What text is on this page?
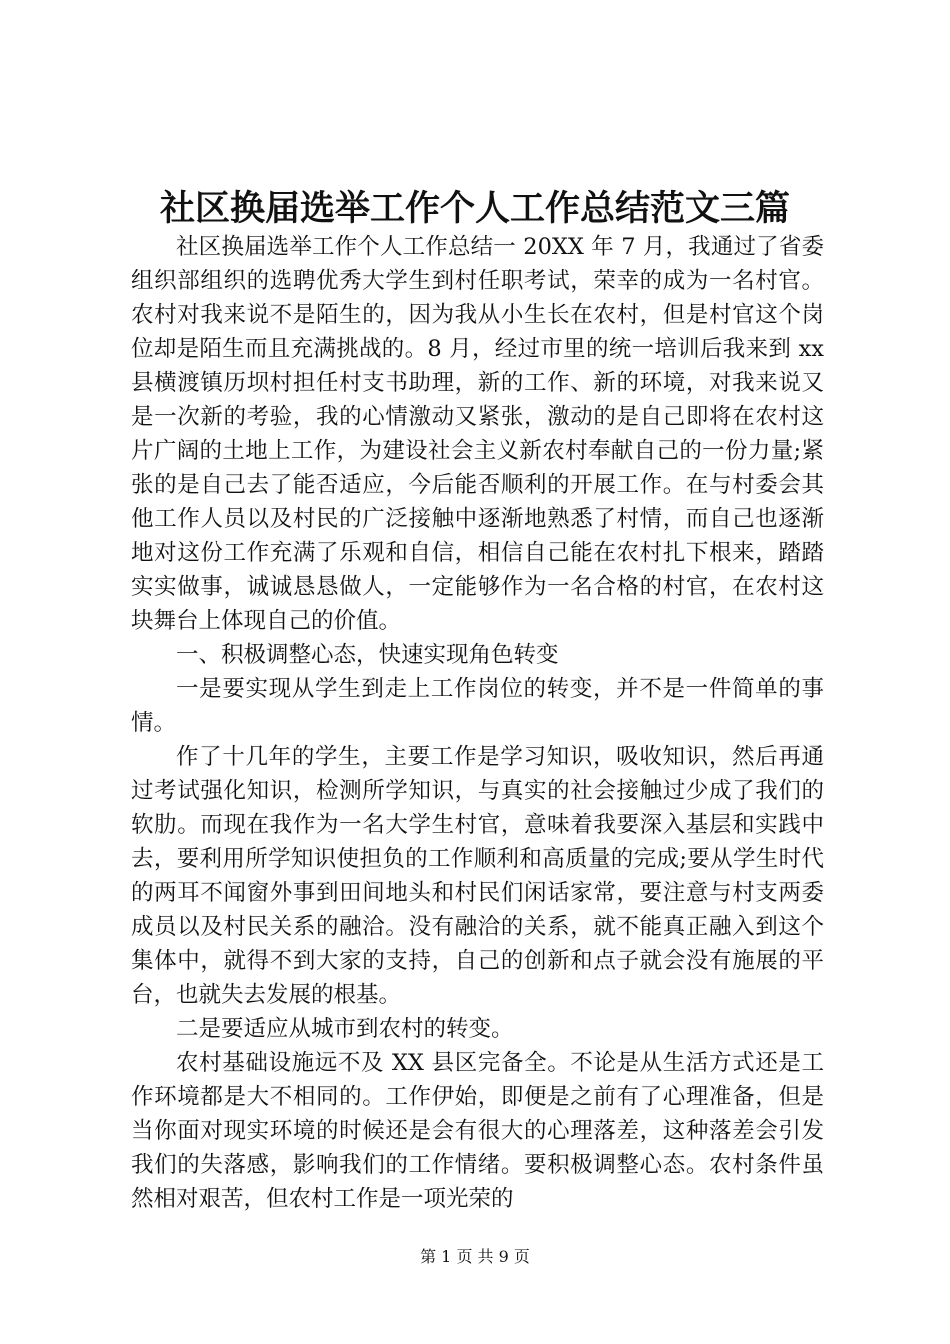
社区换届选举工作个人工作总结范文三篇

社区换届选举工作个人工作总结一 20XX 年 7 月，我通过了省委组织部组织的选聘优秀大学生到村任职考试，荣幸的成为一名村官。农村对我来说不是陌生的，因为我从小生长在农村，但是村官这个岗位却是陌生而且充满挑战的。8 月，经过市里的统一培训后我来到 xx 县横渡镇历坝村担任村支书助理，新的工作、新的环境，对我来说又是一次新的考验，我的心情激动又紧张，激动的是自己即将在农村这片广阔的土地上工作，为建设社会主义新农村奉献自己的一份力量;紧张的是自己去了能否适应，今后能否顺利的开展工作。在与村委会其他工作人员以及村民的广泛接触中逐渐地熟悉了村情，而自己也逐渐地对这份工作充满了乐观和自信，相信自己能在农村扎下根来，踏踏实实做事，诚诚恳恳做人，一定能够作为一名合格的村官，在农村这块舞台上体现自己的价值。

一、积极调整心态，快速实现角色转变

一是要实现从学生到走上工作岗位的转变，并不是一件简单的事情。

作了十几年的学生，主要工作是学习知识，吸收知识，然后再通过考试强化知识，检测所学知识，与真实的社会接触过少成了我们的软肋。而现在我作为一名大学生村官，意味着我要深入基层和实践中去，要利用所学知识使担负的工作顺利和高质量的完成;要从学生时代的两耳不闻窗外事到田间地头和村民们闲话家常，要注意与村支两委成员以及村民关系的融洽。没有融洽的关系，就不能真正融入到这个集体中，就得不到大家的支持，自己的创新和点子就会没有施展的平台，也就失去发展的根基。

二是要适应从城市到农村的转变。

农村基础设施远不及 XX 县区完备全。不论是从生活方式还是工作环境都是大不相同的。工作伊始，即便是之前有了心理准备，但是当你面对现实环境的时候还是会有很大的心理落差，这种落差会引发我们的失落感，影响我们的工作情绪。要积极调整心态。农村条件虽然相对艰苦，但农村工作是一项光荣的

第 1 页 共 9 页
